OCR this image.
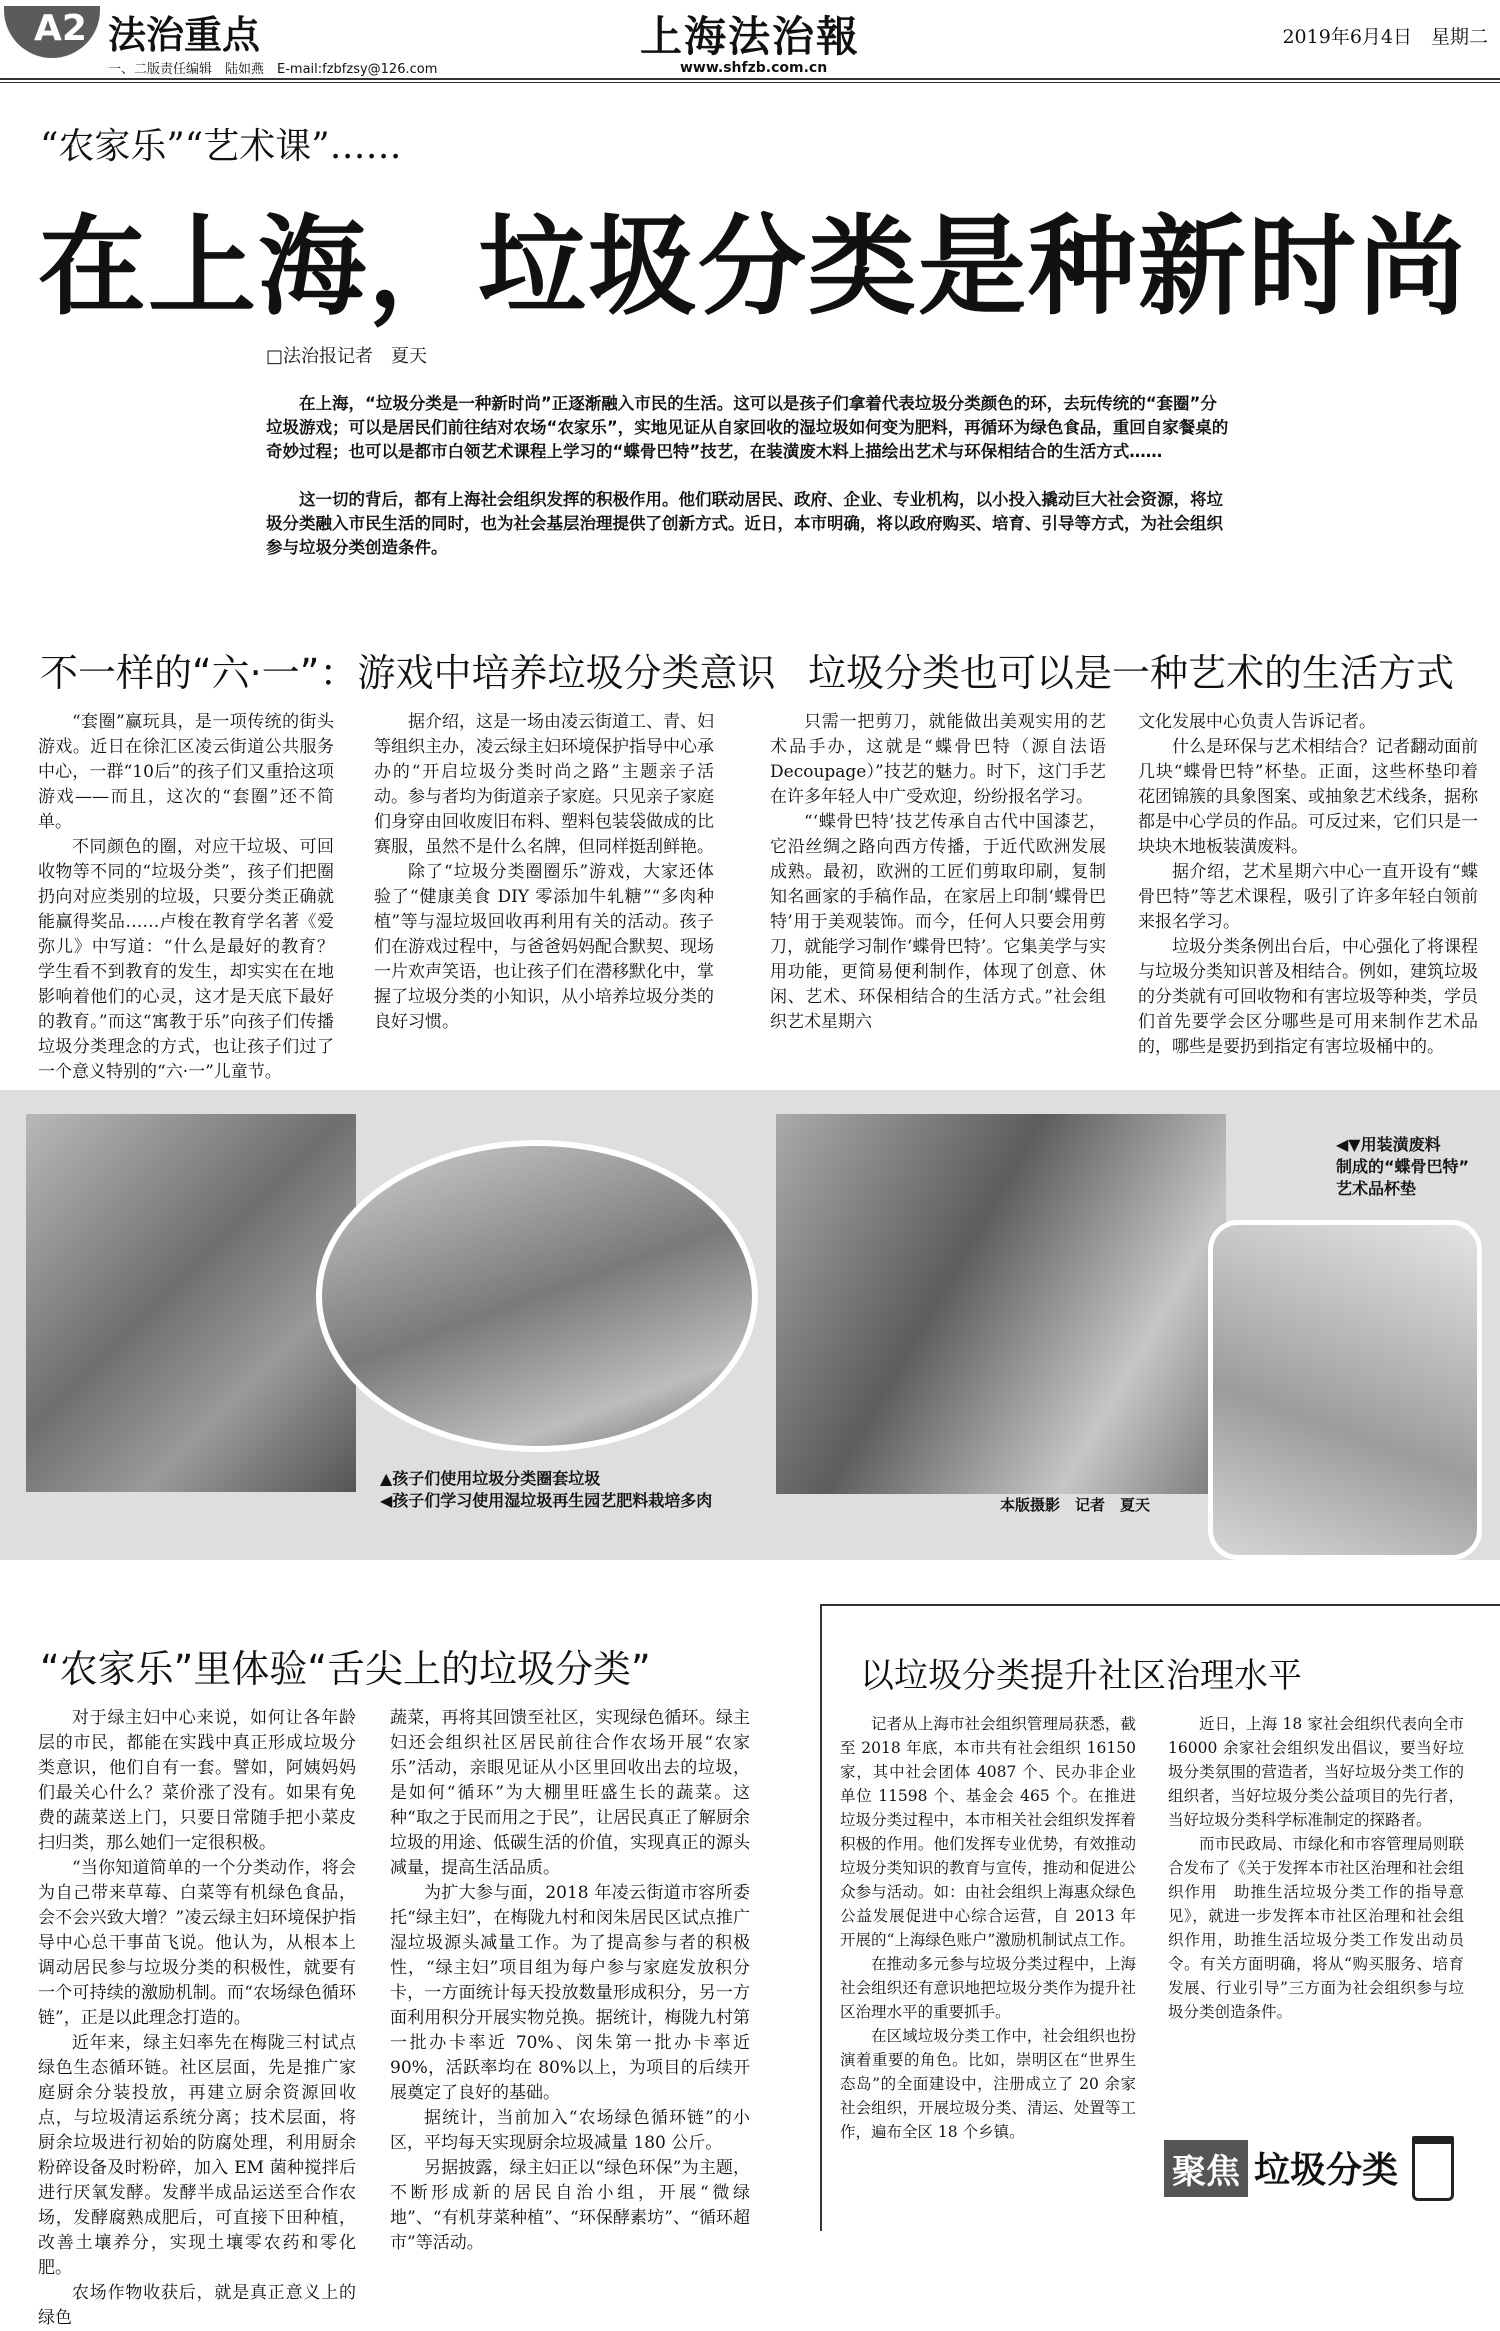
A2 法治重点
一、二版责任编辑　陆如燕　E-mail:fzbfzsy@126.com
上海法治報
www.shfzb.com.cn
2019年6月4日　星期二
“农家乐”“艺术课”……
在上海，垃圾分类是种新时尚
□法治报记者　夏天

在上海，“垃圾分类是一种新时尚”正逐渐融入市民的生活。这可以是孩子们拿着代表垃圾分类颜色的环，去玩传统的“套圈”分垃圾游戏；可以是居民们前往结对农场“农家乐”，实地见证从自家回收的湿垃圾如何变为肥料，再循环为绿色食品，重回自家餐桌的奇妙过程；也可以是都市白领艺术课程上学习的“蝶骨巴特”技艺，在装潢废木料上描绘出艺术与环保相结合的生活方式……

这一切的背后，都有上海社会组织发挥的积极作用。他们联动居民、政府、企业、专业机构，以小投入撬动巨大社会资源，将垃圾分类融入市民生活的同时，也为社会基层治理提供了创新方式。近日，本市明确，将以政府购买、培育、引导等方式，为社会组织参与垃圾分类创造条件。

不一样的“六·一”：游戏中培养垃圾分类意识

“套圈”赢玩具，是一项传统的街头游戏。近日在徐汇区凌云街道公共服务中心，一群“10后”的孩子们又重拾这项游戏——而且，这次的“套圈”还不简单。

不同颜色的圈，对应干垃圾、可回收物等不同的“垃圾分类”，孩子们把圈扔向对应类别的垃圾，只要分类正确就能赢得奖品……卢梭在教育学名著《爱弥儿》中写道：“什么是最好的教育？学生看不到教育的发生，却实实在在地影响着他们的心灵，这才是天底下最好的教育。”而这“寓教于乐”向孩子们传播垃圾分类理念的方式，也让孩子们过了一个意义特别的“六·一”儿童节。

据介绍，这是一场由凌云街道工、青、妇等组织主办，凌云绿主妇环境保护指导中心承办的“开启垃圾分类时尚之路”主题亲子活动。参与者均为街道亲子家庭。只见亲子家庭们身穿由回收废旧布料、塑料包装袋做成的比赛服，虽然不是什么名牌，但同样挺刮鲜艳。

除了“垃圾分类圈圈乐”游戏，大家还体验了“健康美食 DIY 零添加牛轧糖”“多肉种植”等与湿垃圾回收再利用有关的活动。孩子们在游戏过程中，与爸爸妈妈配合默契、现场一片欢声笑语，也让孩子们在潜移默化中，掌握了垃圾分类的小知识，从小培养垃圾分类的良好习惯。

垃圾分类也可以是一种艺术的生活方式

只需一把剪刀，就能做出美观实用的艺术品手办，这就是“蝶骨巴特（源自法语 Decoupage）”技艺的魅力。时下，这门手艺在许多年轻人中广受欢迎，纷纷报名学习。

“‘蝶骨巴特’技艺传承自古代中国漆艺，它沿丝绸之路向西方传播，于近代欧洲发展成熟。最初，欧洲的工匠们剪取印刷，复制知名画家的手稿作品，在家居上印制‘蝶骨巴特’用于美观装饰。而今，任何人只要会用剪刀，就能学习制作‘蝶骨巴特’。它集美学与实用功能，更简易便利制作，体现了创意、休闲、艺术、环保相结合的生活方式。”社会组织艺术星期六

文化发展中心负责人告诉记者。

什么是环保与艺术相结合？记者翻动面前几块“蝶骨巴特”杯垫。正面，这些杯垫印着花团锦簇的具象图案、或抽象艺术线条，据称都是中心学员的作品。可反过来，它们只是一块块木地板装潢废料。

据介绍，艺术星期六中心一直开设有“蝶骨巴特”等艺术课程，吸引了许多年轻白领前来报名学习。

垃圾分类条例出台后，中心强化了将课程与垃圾分类知识普及相结合。例如，建筑垃圾的分类就有可回收物和有害垃圾等种类，学员们首先要学会区分哪些是可用来制作艺术品的，哪些是要扔到指定有害垃圾桶中的。

▲孩子们使用垃圾分类圈套垃圾
◀孩子们学习使用湿垃圾再生园艺肥料栽培多肉
◀▼用装潢废料
制成的“蝶骨巴特”
艺术品杯垫
本版摄影　记者　夏天
“农家乐”里体验“舌尖上的垃圾分类”

对于绿主妇中心来说，如何让各年龄层的市民，都能在实践中真正形成垃圾分类意识，他们自有一套。譬如，阿姨妈妈们最关心什么？菜价涨了没有。如果有免费的蔬菜送上门，只要日常随手把小菜皮扫归类，那么她们一定很积极。

“当你知道简单的一个分类动作，将会为自己带来草莓、白菜等有机绿色食品，会不会兴致大增？”凌云绿主妇环境保护指导中心总干事苗飞说。他认为，从根本上调动居民参与垃圾分类的积极性，就要有一个可持续的激励机制。而“农场绿色循环链”，正是以此理念打造的。

近年来，绿主妇率先在梅陇三村试点绿色生态循环链。社区层面，先是推广家庭厨余分装投放，再建立厨余资源回收点，与垃圾清运系统分离；技术层面，将厨余垃圾进行初始的防腐处理，利用厨余粉碎设备及时粉碎，加入 EM 菌种搅拌后进行厌氧发酵。发酵半成品运送至合作农场，发酵腐熟成肥后，可直接下田种植，改善土壤养分，实现土壤零农药和零化肥。

农场作物收获后，就是真正意义上的绿色

蔬菜，再将其回馈至社区，实现绿色循环。绿主妇还会组织社区居民前往合作农场开展“农家乐”活动，亲眼见证从小区里回收出去的垃圾，是如何“循环”为大棚里旺盛生长的蔬菜。这种“取之于民而用之于民”，让居民真正了解厨余垃圾的用途、低碳生活的价值，实现真正的源头减量，提高生活品质。

为扩大参与面，2018 年凌云街道市容所委托“绿主妇”，在梅陇九村和闵朱居民区试点推广湿垃圾源头减量工作。为了提高参与者的积极性，“绿主妇”项目组为每户参与家庭发放积分卡，一方面统计每天投放数量形成积分，另一方面利用积分开展实物兑换。据统计，梅陇九村第一批办卡率近 70%、闵朱第一批办卡率近 90%，活跃率均在 80%以上，为项目的后续开展奠定了良好的基础。

据统计，当前加入“农场绿色循环链”的小区，平均每天实现厨余垃圾减量 180 公斤。

另据披露，绿主妇正以“绿色环保”为主题，不断形成新的居民自治小组，开展“微绿地”、“有机芽菜种植”、“环保酵素坊”、“循环超市”等活动。

以垃圾分类提升社区治理水平

记者从上海市社会组织管理局获悉，截至 2018 年底，本市共有社会组织 16150 家，其中社会团体 4087 个、民办非企业单位 11598 个、基金会 465 个。在推进垃圾分类过程中，本市相关社会组织发挥着积极的作用。他们发挥专业优势，有效推动垃圾分类知识的教育与宣传，推动和促进公众参与活动。如：由社会组织上海惠众绿色公益发展促进中心综合运营，自 2013 年开展的“上海绿色账户”激励机制试点工作。

在推动多元参与垃圾分类过程中，上海社会组织还有意识地把垃圾分类作为提升社区治理水平的重要抓手。

在区域垃圾分类工作中，社会组织也扮演着重要的角色。比如，崇明区在“世界生态岛”的全面建设中，注册成立了 20 余家社会组织，开展垃圾分类、清运、处置等工作，遍布全区 18 个乡镇。

近日，上海 18 家社会组织代表向全市 16000 余家社会组织发出倡议，要当好垃圾分类氛围的营造者，当好垃圾分类工作的组织者，当好垃圾分类公益项目的先行者，当好垃圾分类科学标准制定的探路者。

而市民政局、市绿化和市容管理局则联合发布了《关于发挥本市社区治理和社会组织作用　助推生活垃圾分类工作的指导意见》，就进一步发挥本市社区治理和社会组织作用，助推生活垃圾分类工作发出动员令。有关方面明确，将从“购买服务、培育发展、行业引导”三方面为社会组织参与垃圾分类创造条件。

聚焦 垃圾分类
